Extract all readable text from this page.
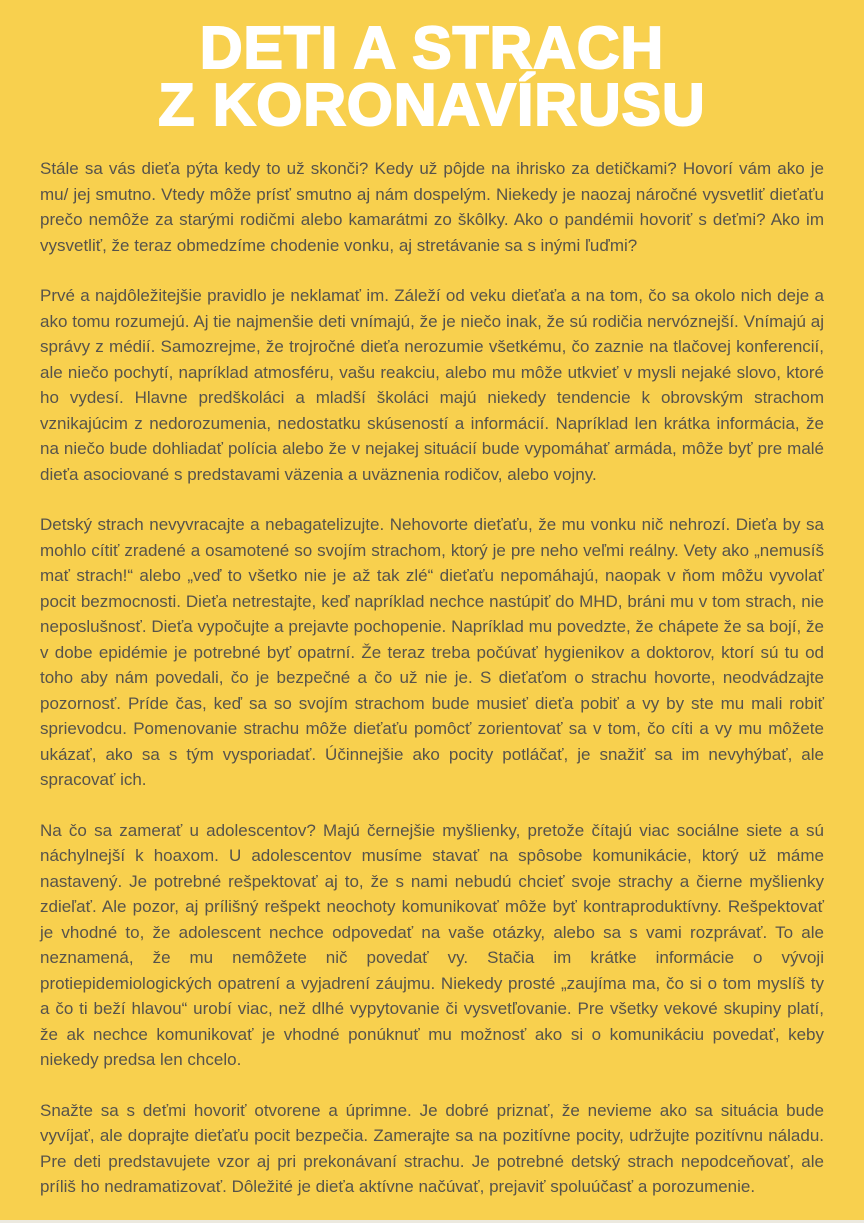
DETI A STRACH
Z KORONAVÍRUSU

Stále sa vás dieťa pýta kedy to už skonči? Kedy už pôjde na ihrisko za detičkami? Hovorí vám ako je mu/ jej smutno. Vtedy môže prísť smutno aj nám dospelým. Niekedy je naozaj náročné vysvetliť dieťaťu prečo nemôže za starými rodičmi alebo kamarátmi zo škôlky. Ako o pandémii hovoriť s deťmi? Ako im vysvetliť, že teraz obmedzíme chodenie vonku, aj stretávanie sa s inými ľuďmi?

Prvé a najdôležitejšie pravidlo je neklamať im. Záleží od veku dieťaťa a na tom, čo sa okolo nich deje a ako tomu rozumejú. Aj tie najmenšie deti vnímajú, že je niečo inak, že sú rodičia nervóznejší. Vnímajú aj správy z médií. Samozrejme, že trojročné dieťa nerozumie všetkému, čo zaznie na tlačovej konferencií, ale niečo pochytí, napríklad atmosféru, vašu reakciu, alebo mu môže utkvieť v mysli nejaké slovo, ktoré ho vydesí. Hlavne predškoláci a mladší školáci majú niekedy tendencie k obrovským strachom vznikajúcim z nedorozumenia, nedostatku skúseností a informácií. Napríklad len krátka informácia, že na niečo bude dohliadať polícia alebo že v nejakej situácií bude vypomáhať armáda, môže byť pre malé dieťa asociované s predstavami väzenia a uväznenia rodičov, alebo vojny.

Detský strach nevyvracajte a nebagatelizujte. Nehovorte dieťaťu, že mu vonku nič nehrozí. Dieťa by sa mohlo cítiť zradené a osamotené so svojím strachom, ktorý je pre neho veľmi reálny. Vety ako „nemusíš mať strach!“ alebo „veď to všetko nie je až tak zlé“ dieťaťu nepomáhajú, naopak v ňom môžu vyvolať pocit bezmocnosti. Dieťa netrestajte, keď napríklad nechce nastúpiť do MHD, bráni mu v tom strach, nie neposlušnosť. Dieťa vypočujte a prejavte pochopenie. Napríklad mu povedzte, že chápete že sa bojí, že v dobe epidémie je potrebné byť opatrní. Že teraz treba počúvať hygienikov a doktorov, ktorí sú tu od toho aby nám povedali, čo je bezpečné a čo už nie je. S dieťaťom o strachu hovorte, neodvádzajte pozornosť. Príde čas, keď sa so svojím strachom bude musieť dieťa pobiť a vy by ste mu mali robiť sprievodcu. Pomenovanie strachu môže dieťaťu pomôcť zorientovať sa v tom, čo cíti a vy mu môžete ukázať, ako sa s tým vysporiadať. Účinnejšie ako pocity potláčať, je snažiť sa im nevyhýbať, ale spracovať ich.

Na čo sa zamerať u adolescentov? Majú černejšie myšlienky, pretože čítajú viac sociálne siete a sú náchylnejší k hoaxom. U adolescentov musíme stavať na spôsobe komunikácie, ktorý už máme nastavený. Je potrebné rešpektovať aj to, že s nami nebudú chcieť svoje strachy a čierne myšlienky zdieľať. Ale pozor, aj prílišný rešpekt neochoty komunikovať môže byť kontraproduktívny. Rešpektovať je vhodné to, že adolescent nechce odpovedať na vaše otázky, alebo sa s vami rozprávať. To ale neznamená, že mu nemôžete nič povedať vy. Stačia im krátke informácie o vývoji protiepidemiologických opatrení a vyjadrení záujmu. Niekedy prosté „zaujíma ma, čo si o tom myslíš ty a čo ti beží hlavou“ urobí viac, než dlhé vypytovanie či vysvetľovanie. Pre všetky vekové skupiny platí, že ak nechce komunikovať je vhodné ponúknuť mu možnosť ako si o komunikáciu povedať, keby niekedy predsa len chcelo.

Snažte sa s deťmi hovoriť otvorene a úprimne. Je dobré priznať, že nevieme ako sa situácia bude vyvíjať, ale doprajte dieťaťu pocit bezpečia. Zamerajte sa na pozitívne pocity, udržujte pozitívnu náladu. Pre deti predstavujete vzor aj pri prekonávaní strachu. Je potrebné detský strach nepodceňovať, ale príliš ho nedramatizovať. Dôležité je dieťa aktívne načúvať, prejaviť spoluúčasť a porozumenie.
